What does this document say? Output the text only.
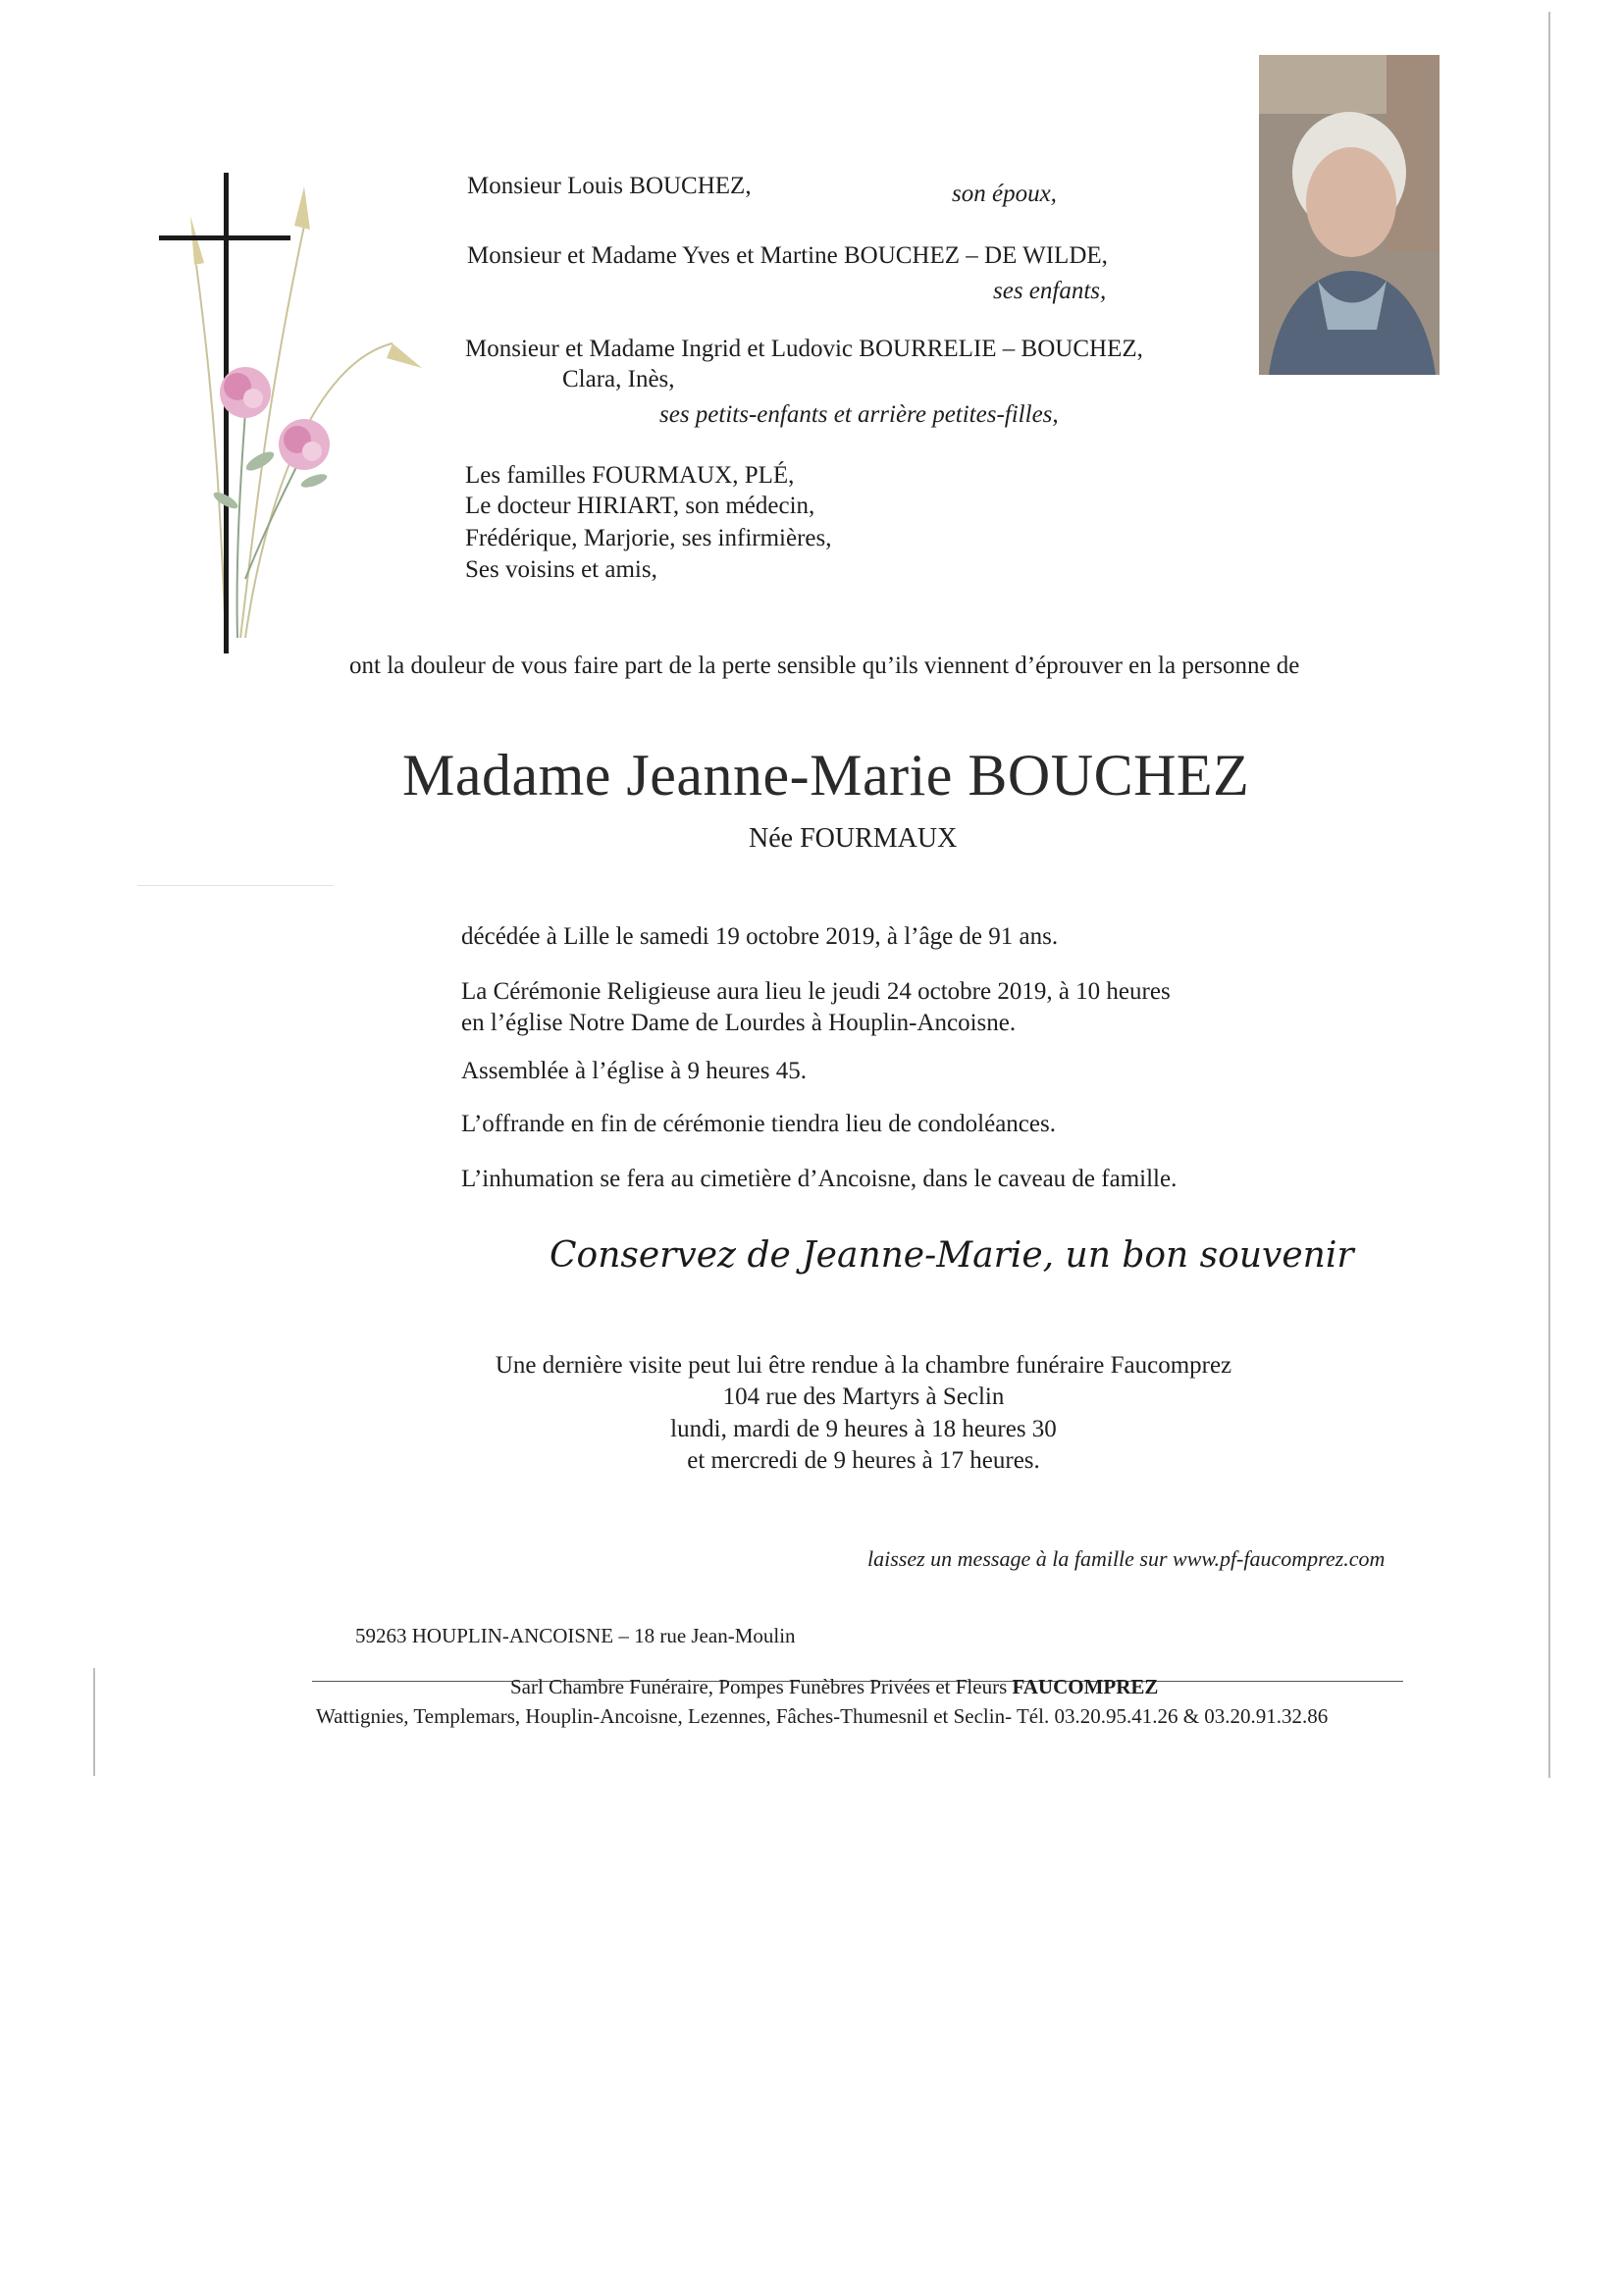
Monsieur Louis BOUCHEZ,	son époux,
Monsieur et Madame Yves et Martine BOUCHEZ – DE WILDE,
ses enfants,
Monsieur et Madame Ingrid et Ludovic BOURRELIE – BOUCHEZ,
Clara, Inès,
ses petits-enfants et arrière petites-filles,
Les familles FOURMAUX, PLÉ,
Le docteur HIRIART, son médecin,
Frédérique, Marjorie, ses infirmières,
Ses voisins et amis,
ont la douleur de vous faire part de la perte sensible qu’ils viennent d’éprouver en la personne de
Madame Jeanne-Marie BOUCHEZ
Née FOURMAUX
décédée à Lille le samedi 19 octobre 2019, à l’âge de 91 ans.
La Cérémonie Religieuse aura lieu le jeudi 24 octobre 2019, à 10 heures
en l’église Notre Dame de Lourdes à Houplin-Ancoisne.
Assemblée à l’église à 9 heures 45.
L’offrande en fin de cérémonie tiendra lieu de condoléances.
L’inhumation se fera au cimetière d’Ancoisne, dans le caveau de famille.
Conservez de Jeanne-Marie, un bon souvenir
Une dernière visite peut lui être rendue à la chambre funéraire Faucomprez
104 rue des Martyrs à Seclin
lundi, mardi de 9 heures à 18 heures 30
et mercredi de 9 heures à 17 heures.
laissez un message à la famille sur www.pf-faucomprez.com
59263 HOUPLIN-ANCOISNE – 18 rue Jean-Moulin
Sarl Chambre Funéraire, Pompes Funèbres Privées et Fleurs FAUCOMPREZ
Wattignies, Templemars, Houplin-Ancoisne, Lezennes, Fâches-Thumesnil et Seclin- Tél. 03.20.95.41.26 & 03.20.91.32.86
